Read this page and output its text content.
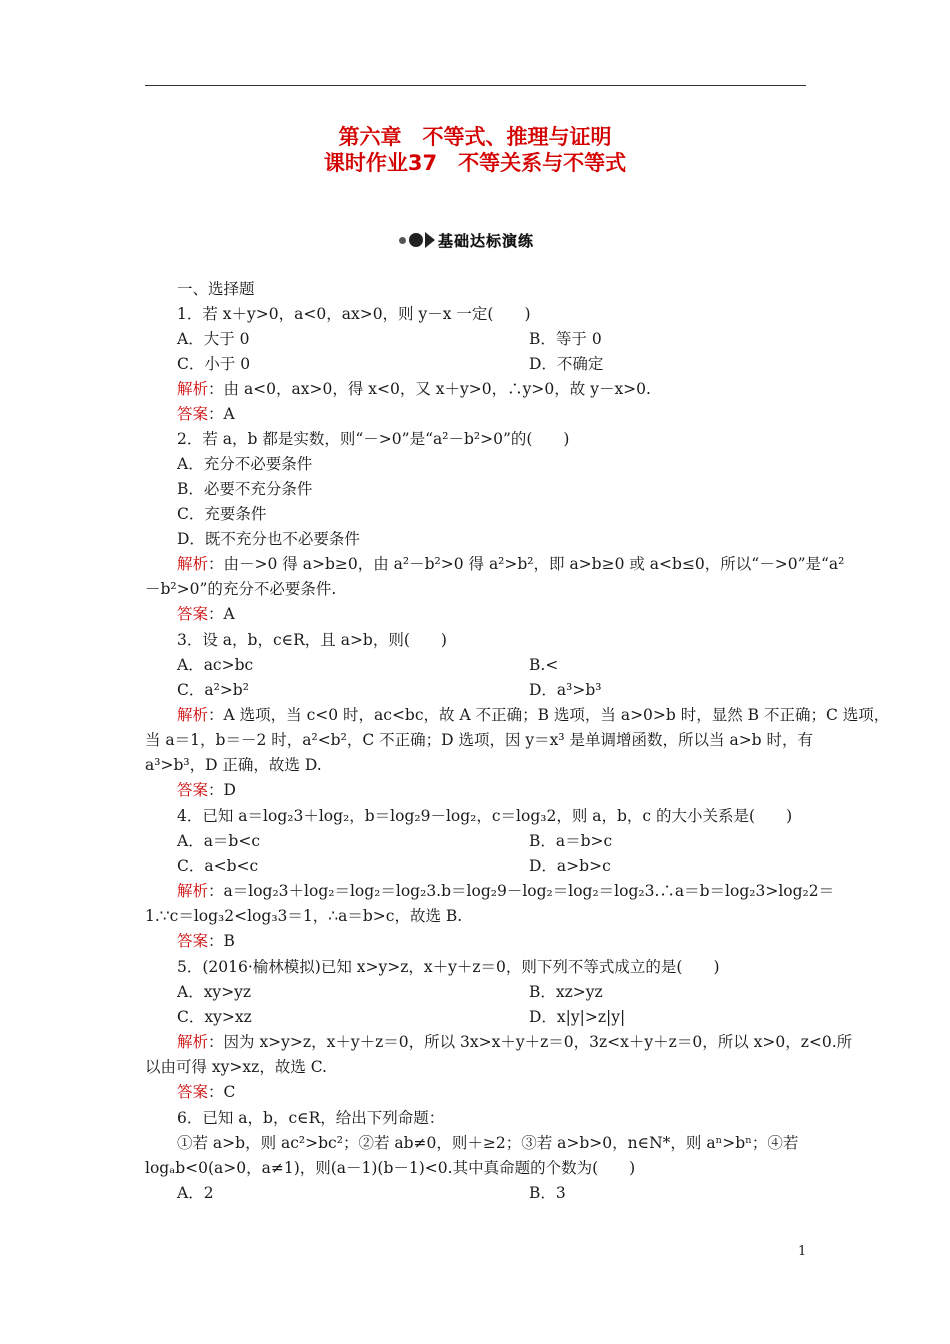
第六章　不等式、推理与证明
课时作业37　不等关系与不等式
基础达标演练
一、选择题
1．若 x＋y>0，a<0，ax>0，则 y－x 一定(　　)
A．大于 0	B．等于 0
C．小于 0	D．不确定
解析：由 a<0，ax>0，得 x<0，又 x＋y>0，∴y>0，故 y－x>0.
答案：A
2．若 a，b 都是实数，则“－>0”是“a²－b²>0”的(　　)
A．充分不必要条件
B．必要不充分条件
C．充要条件
D．既不充分也不必要条件
解析：由－>0 得 a>b≥0，由 a²－b²>0 得 a²>b²，即 a>b≥0 或 a<b≤0，所以“－>0”是“a²
－b²>0”的充分不必要条件.
答案：A
3．设 a，b，c∈R，且 a>b，则(　　)
A．ac>bc	B.<
C．a²>b²	D．a³>b³
解析：A 选项，当 c<0 时，ac<bc，故 A 不正确；B 选项，当 a>0>b 时，显然 B 不正确；C 选项，
当 a＝1，b＝－2 时，a²<b²，C 不正确；D 选项，因 y＝x³ 是单调增函数，所以当 a>b 时，有
a³>b³，D 正确，故选 D.
答案：D
4．已知 a＝log₂3＋log₂，b＝log₂9－log₂，c＝log₃2，则 a，b，c 的大小关系是(　　)
A．a＝b<c	B．a＝b>c
C．a<b<c	D．a>b>c
解析：a＝log₂3＋log₂＝log₂＝log₂3.b＝log₂9－log₂＝log₂＝log₂3.∴a＝b＝log₂3>log₂2＝
1.∵c＝log₃2<log₃3＝1，∴a＝b>c，故选 B.
答案：B
5．(2016·榆林模拟)已知 x>y>z，x＋y＋z＝0，则下列不等式成立的是(　　)
A．xy>yz	B．xz>yz
C．xy>xz	D．x|y|>z|y|
解析：因为 x>y>z，x＋y＋z＝0，所以 3x>x＋y＋z＝0，3z<x＋y＋z＝0，所以 x>0，z<0.所
以由可得 xy>xz，故选 C.
答案：C
6．已知 a，b，c∈R，给出下列命题：
①若 a>b，则 ac²>bc²；②若 ab≠0，则＋≥2；③若 a>b>0，n∈N*，则 aⁿ>bⁿ；④若
logₐb<0(a>0，a≠1)，则(a－1)(b－1)<0.其中真命题的个数为(　　)
A．2	B．3
1
